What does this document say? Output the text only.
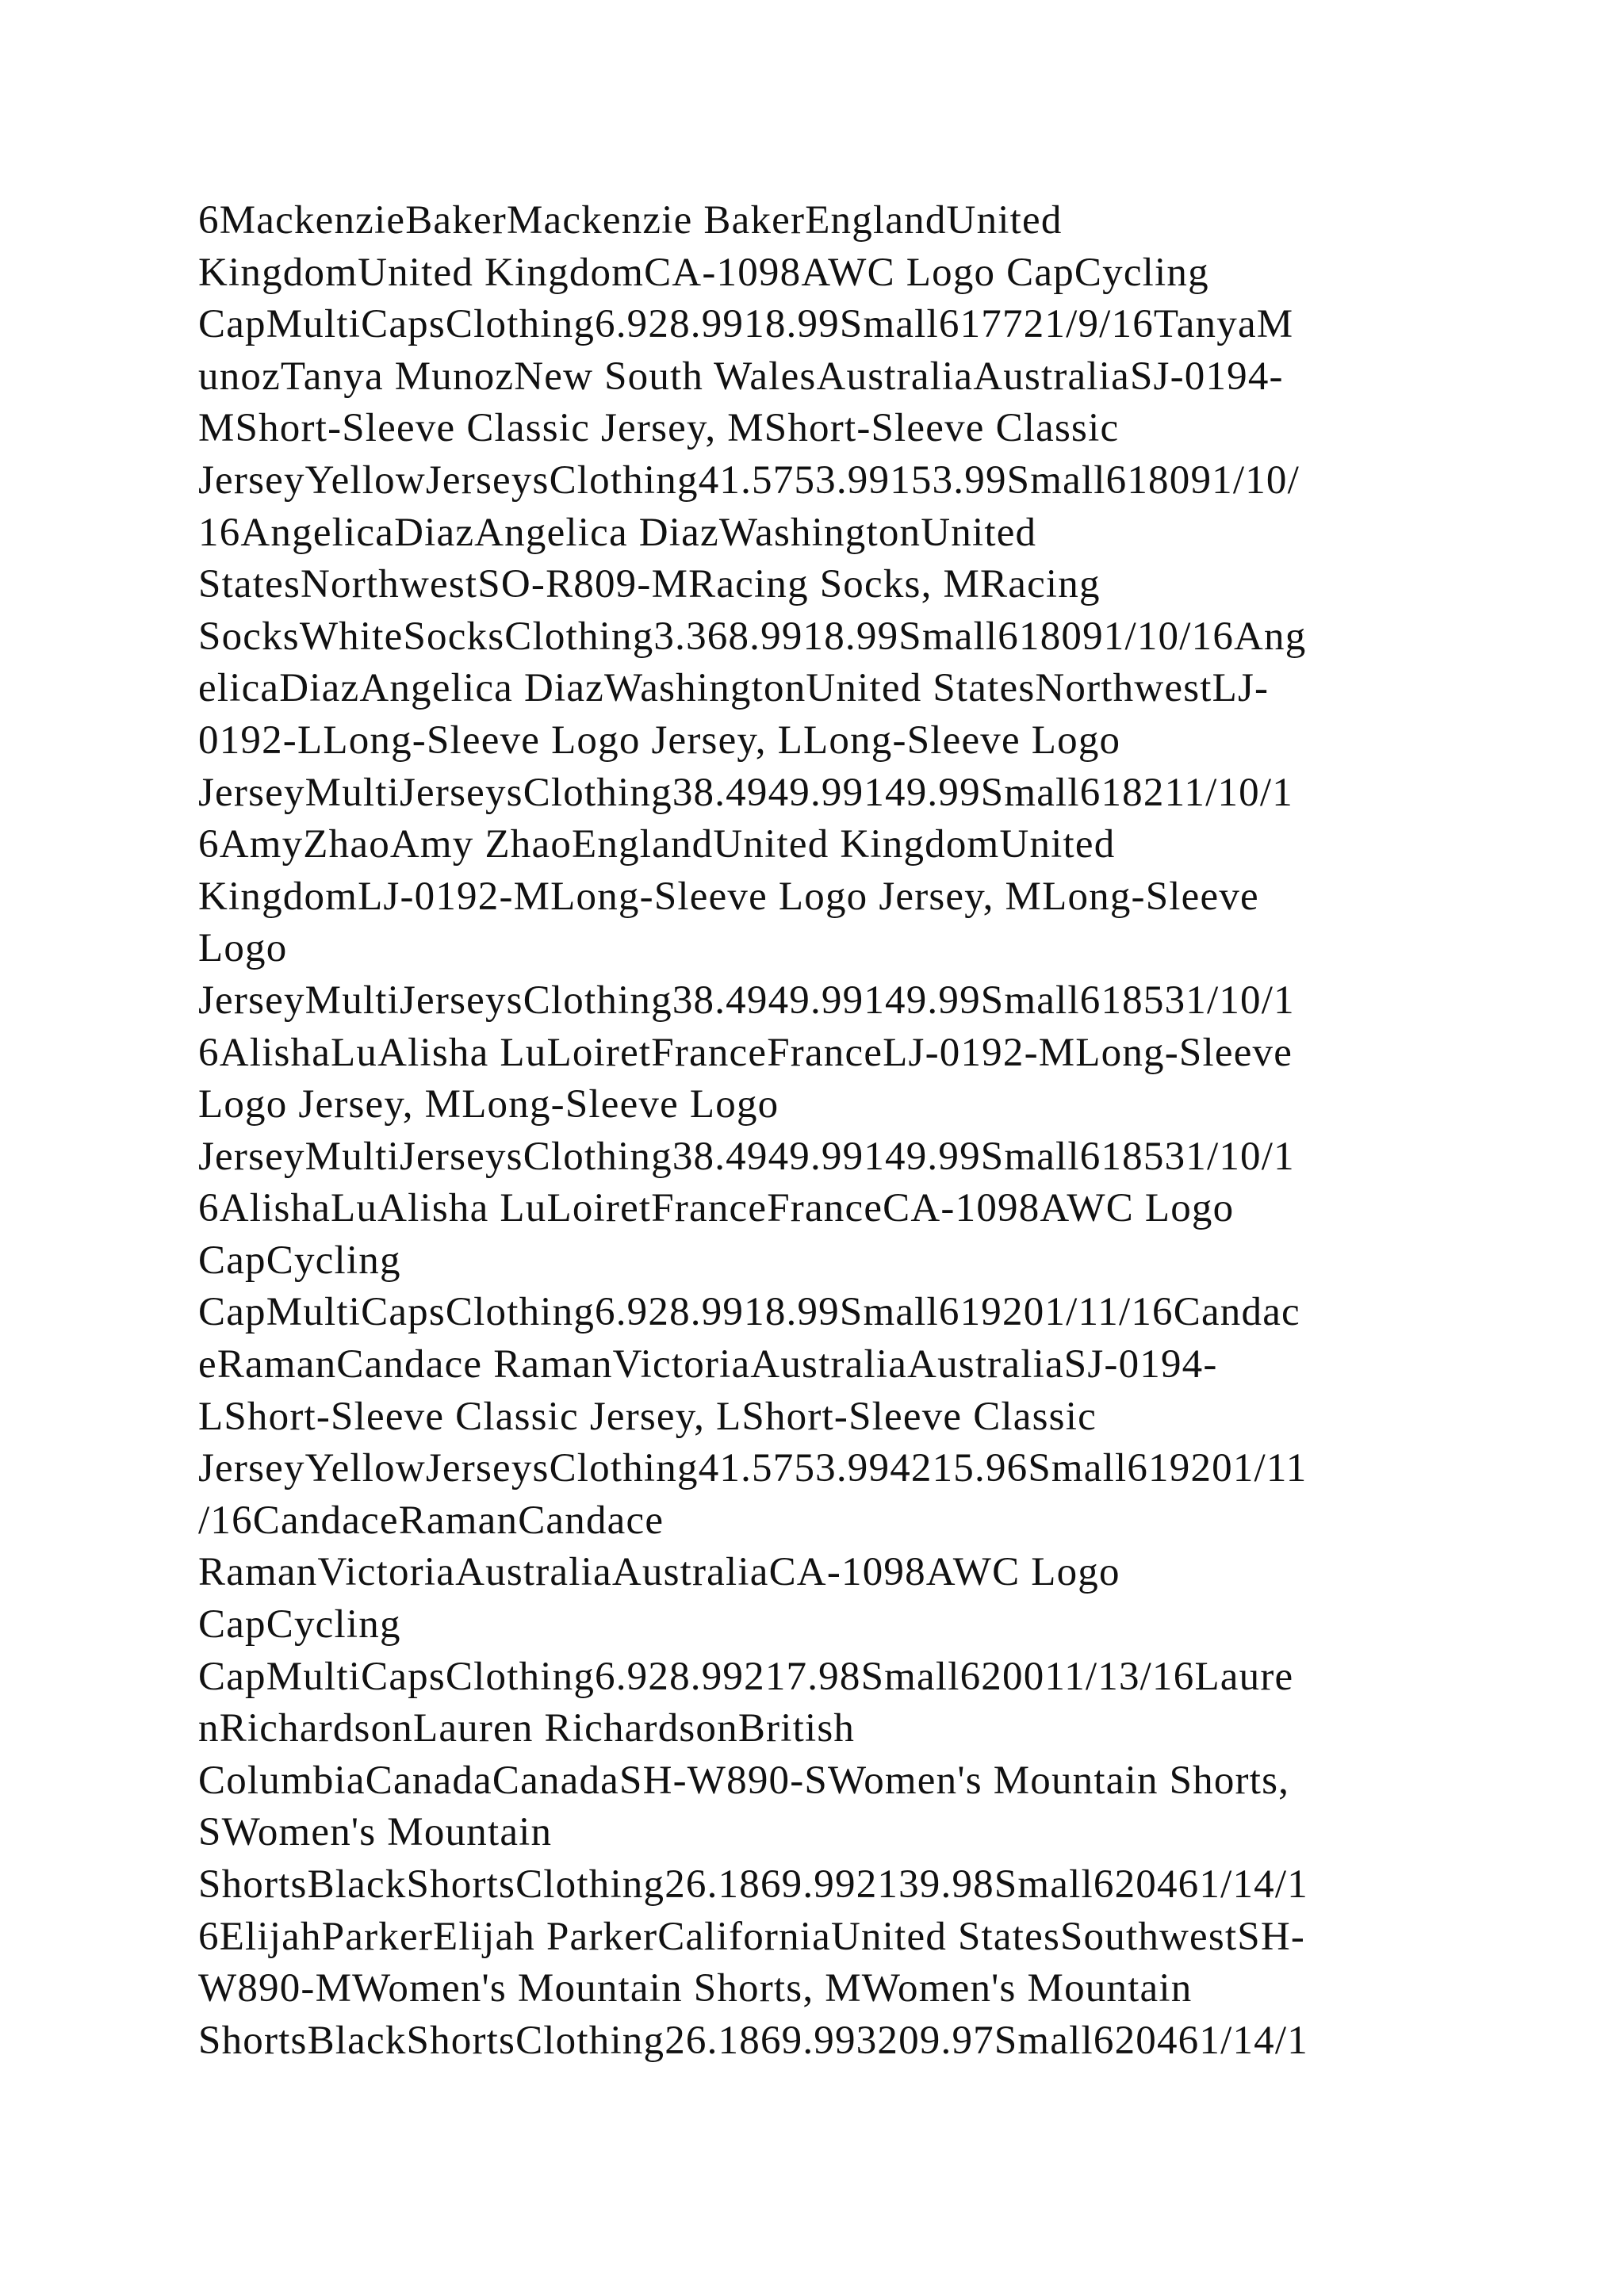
6MackenzieBakerMackenzie BakerEnglandUnited
KingdomUnited KingdomCA-1098AWC Logo CapCycling
CapMultiCapsClothing6.928.9918.99Small617721/9/16TanyaM
unozTanya MunozNew South WalesAustraliaAustraliaSJ-0194-
MShort-Sleeve Classic Jersey, MShort-Sleeve Classic
JerseyYellowJerseysClothing41.5753.99153.99Small618091/10/
16AngelicaDiazAngelica DiazWashingtonUnited
StatesNorthwestSO-R809-MRacing Socks, MRacing
SocksWhiteSocksClothing3.368.9918.99Small618091/10/16Ang
elicaDiazAngelica DiazWashingtonUnited StatesNorthwestLJ-
0192-LLong-Sleeve Logo Jersey, LLong-Sleeve Logo
JerseyMultiJerseysClothing38.4949.99149.99Small618211/10/1
6AmyZhaoAmy ZhaoEnglandUnited KingdomUnited
KingdomLJ-0192-MLong-Sleeve Logo Jersey, MLong-Sleeve
Logo
JerseyMultiJerseysClothing38.4949.99149.99Small618531/10/1
6AlishaLuAlisha LuLoiretFranceFranceLJ-0192-MLong-Sleeve
Logo Jersey, MLong-Sleeve Logo
JerseyMultiJerseysClothing38.4949.99149.99Small618531/10/1
6AlishaLuAlisha LuLoiretFranceFranceCA-1098AWC Logo
CapCycling
CapMultiCapsClothing6.928.9918.99Small619201/11/16Candac
eRamanCandace RamanVictoriaAustraliaAustraliaSJ-0194-
LShort-Sleeve Classic Jersey, LShort-Sleeve Classic
JerseyYellowJerseysClothing41.5753.994215.96Small619201/11
/16CandaceRamanCandace
RamanVictoriaAustraliaAustraliaCA-1098AWC Logo
CapCycling
CapMultiCapsClothing6.928.99217.98Small620011/13/16Laure
nRichardsonLauren RichardsonBritish
ColumbiaCanadaCanadaSH-W890-SWomen's Mountain Shorts,
SWomen's Mountain
ShortsBlackShortsClothing26.1869.992139.98Small620461/14/1
6ElijahParkerElijah ParkerCaliforniaUnited StatesSouthwestSH-
W890-MWomen's Mountain Shorts, MWomen's Mountain
ShortsBlackShortsClothing26.1869.993209.97Small620461/14/1
